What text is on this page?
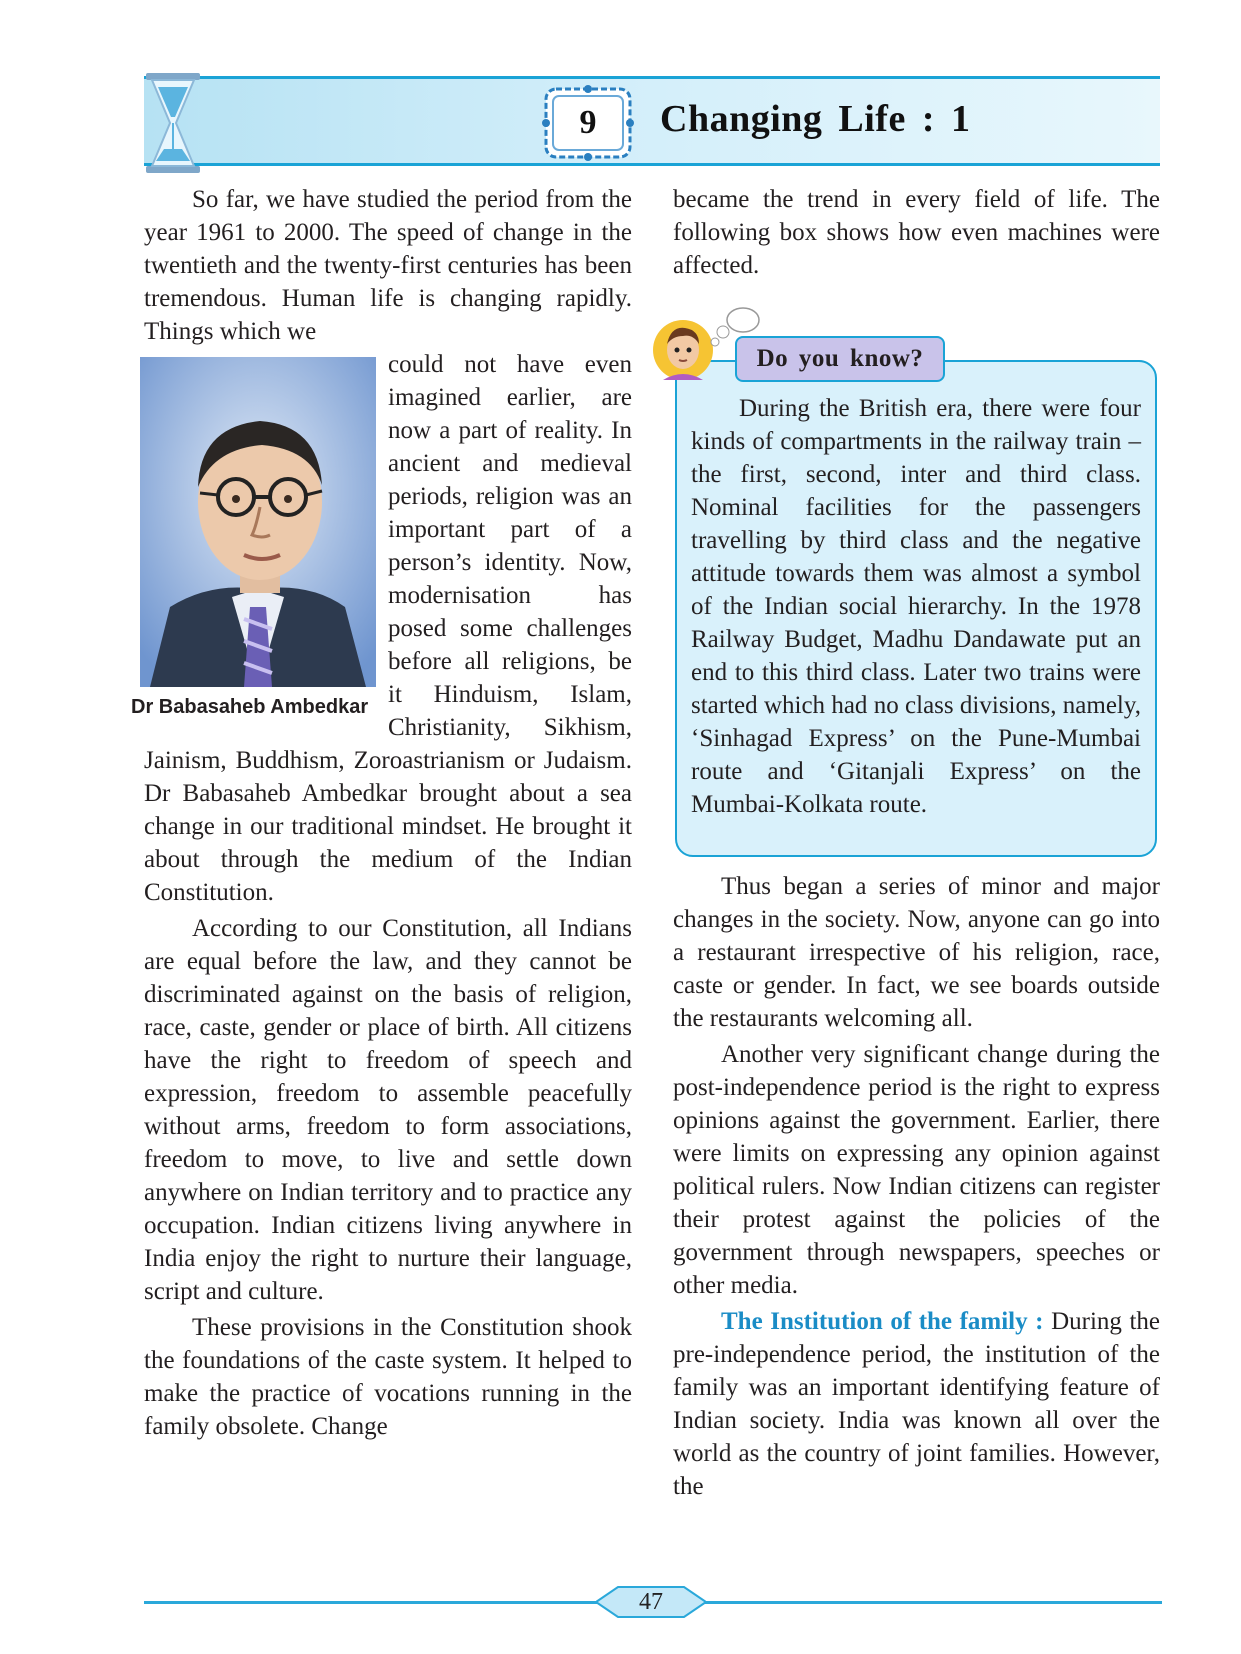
9	Changing Life : 1

So far, we have studied the period from the year 1961 to 2000. The speed of change in the twentieth and the twenty-first centuries has been tremendous. Human life is changing rapidly. Things which we

Dr Babasaheb Ambedkar

could not have even imagined earlier, are now a part of reality. In ancient and medieval periods, religion was an important part of a person’s identity. Now, modernisation has posed some challenges before all religions, be it Hinduism, Islam, Christianity, Sikhism, Jainism, Buddhism, Zoroastrianism or Judaism. Dr Babasaheb Ambedkar brought about a sea change in our traditional mindset. He brought it about through the medium of the Indian Constitution.

According to our Constitution, all Indians are equal before the law, and they cannot be discriminated against on the basis of religion, race, caste, gender or place of birth. All citizens have the right to freedom of speech and expression, freedom to assemble peacefully without arms, freedom to form associations, freedom to move, to live and settle down anywhere on Indian territory and to practice any occupation. Indian citizens living anywhere in India enjoy the right to nurture their language, script and culture.

These provisions in the Constitution shook the foundations of the caste system. It helped to make the practice of vocations running in the family obsolete. Change

became the trend in every field of life. The following box shows how even machines were affected.

During the British era, there were four kinds of compartments in the railway train – the first, second, inter and third class. Nominal facilities for the passengers travelling by third class and the negative attitude towards them was almost a symbol of the Indian social hierarchy. In the 1978 Railway Budget, Madhu Dandawate put an end to this third class. Later two trains were started which had no class divisions, namely, ‘Sinhagad Express’ on the Pune-Mumbai route and ‘Gitanjali Express’ on the Mumbai-Kolkata route.

Do you know?

Thus began a series of minor and major changes in the society. Now, anyone can go into a restaurant irrespective of his religion, race, caste or gender. In fact, we see boards outside the restaurants welcoming all.

Another very significant change during the post-independence period is the right to express opinions against the government. Earlier, there were limits on expressing any opinion against political rulers. Now Indian citizens can register their protest against the policies of the government through newspapers, speeches or other media.

The Institution of the family : During the pre-independence period, the institution of the family was an important identifying feature of Indian society. India was known all over the world as the country of joint families. However, the

47
